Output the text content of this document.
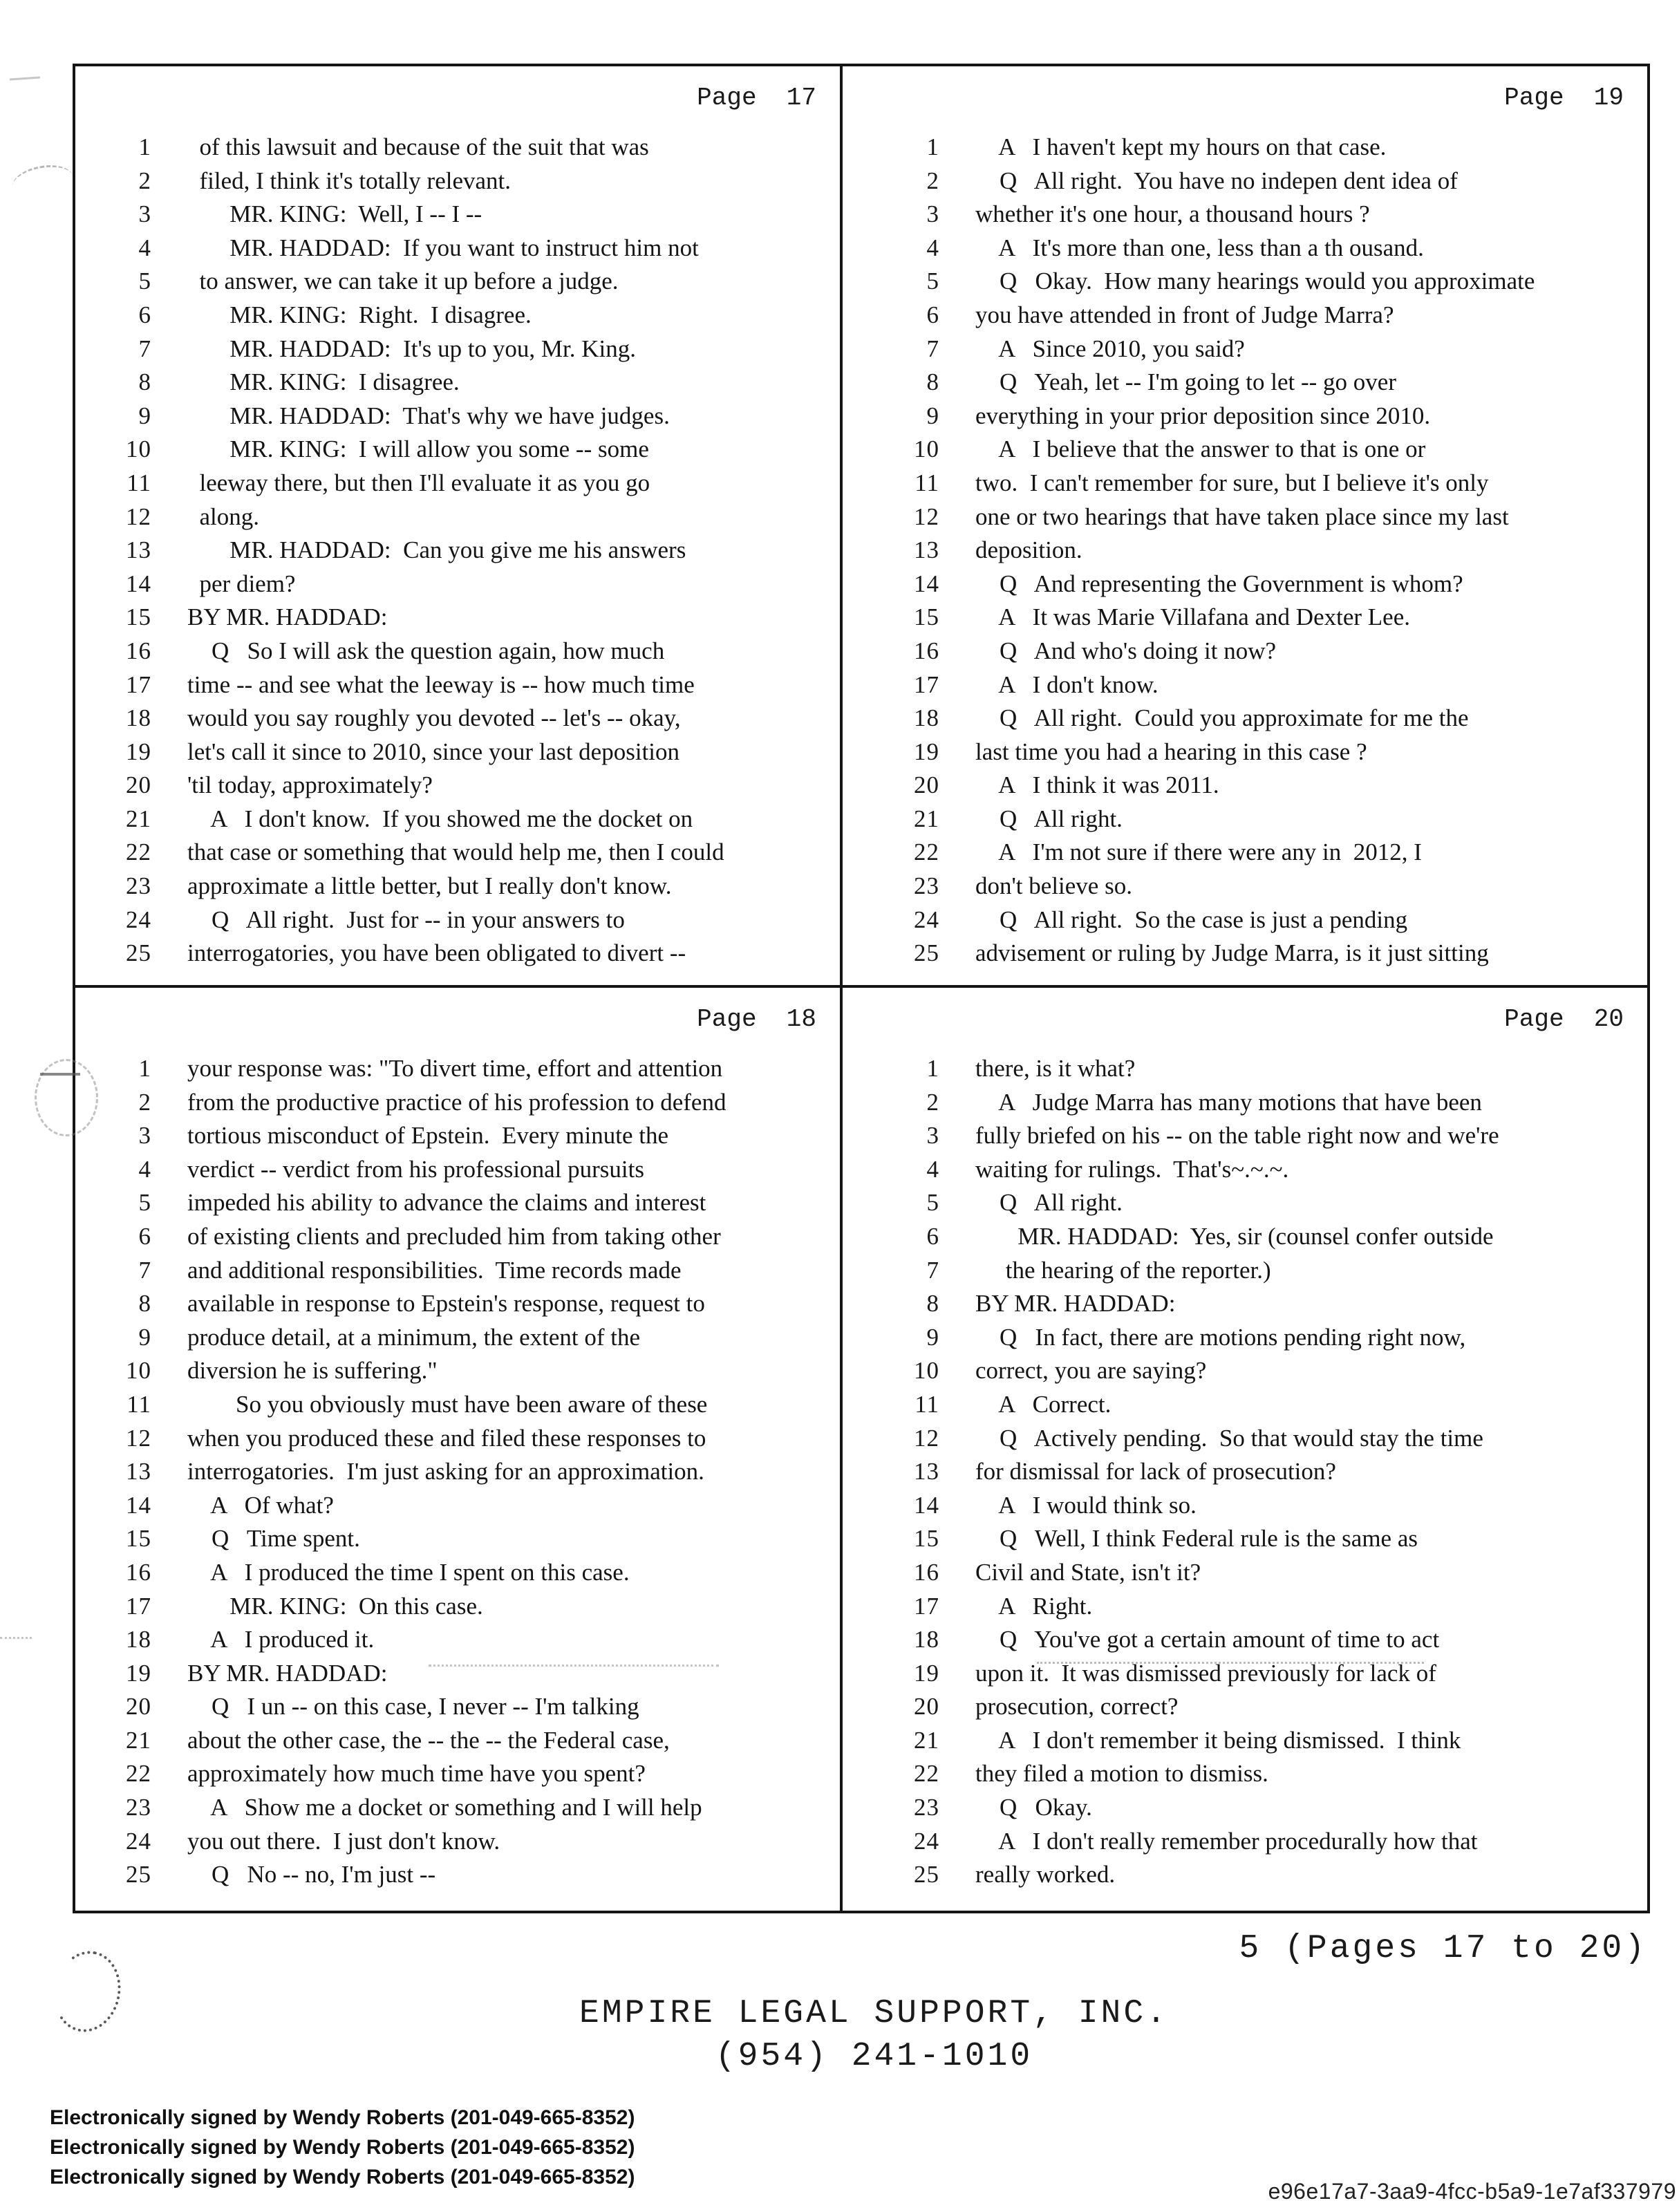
Page  17
1 of this lawsuit and because of the suit that was
2 filed, I think it's totally relevant.
3 MR. KING:  Well, I -- I --
4 MR. HADDAD:  If you want to instruct him not
5 to answer, we can take it up before a judge.
6 MR. KING:  Right.  I disagree.
7 MR. HADDAD:  It's up to you, Mr. King.
8 MR. KING:  I disagree.
9 MR. HADDAD:  That's why we have judges.
10 MR. KING:  I will allow you some -- some
11 leeway there, but then I'll evaluate it as you go
12 along.
13 MR. HADDAD:  Can you give me his answers
14 per diem?
15 BY MR. HADDAD:
16 Q   So I will ask the question again, how much
17 time -- and see what the leeway is -- how much time
18 would you say roughly you devoted -- let's -- okay,
19 let's call it since to 2010, since your last deposition
20 'til today, approximately?
21 A   I don't know.  If you showed me the docket on
22 that case or something that would help me, then I could
23 approximate a little better, but I really don't know.
24 Q   All right.  Just for -- in your answers to
25 interrogatories, you have been obligated to divert --
Page  19
1 A   I haven't kept my hours on that case.
2 Q   All right.  You have no indepen dent idea of
3 whether it's one hour, a thousand hours ?
4 A   It's more than one, less than a th ousand.
5 Q   Okay.  How many hearings would you approximate
6 you have attended in front of Judge Marra?
7 A   Since 2010, you said?
8 Q   Yeah, let -- I'm going to let -- go over
9 everything in your prior deposition since 2010.
10 A   I believe that the answer to that is one or
11 two.  I can't remember for sure, but I believe it's only
12 one or two hearings that have taken place since my last
13 deposition.
14 Q   And representing the Government is whom?
15 A   It was Marie Villafana and Dexter Lee.
16 Q   And who's doing it now?
17 A   I don't know.
18 Q   All right.  Could you approximate for me the
19 last time you had a hearing in this case ?
20 A   I think it was 2011.
21 Q   All right.
22 A   I'm not sure if there were any in  2012, I
23 don't believe so.
24 Q   All right.  So the case is just a pending
25 advisement or ruling by Judge Marra, is it just sitting
Page  18
1 your response was: "To divert time, effort and attention
2 from the productive practice of his profession to defend
3 tortious misconduct of Epstein.  Every minute the
4 verdict -- verdict from his professional pursuits
5 impeded his ability to advance the claims and interest
6 of existing clients and precluded him from taking other
7 and additional responsibilities.  Time records made
8 available in response to Epstein's response, request to
9 produce detail, at a minimum, the extent of the
10 diversion he is suffering."
11 So you obviously must have been aware of these
12 when you produced these and filed these responses to
13 interrogatories.  I'm just asking for an approximation.
14 A   Of what?
15 Q   Time spent.
16 A   I produced the time I spent on this case.
17 MR. KING:  On this case.
18 A   I produced it.
19 BY MR. HADDAD:
20 Q   I un -- on this case, I never -- I'm talking
21 about the other case, the -- the -- the Federal case,
22 approximately how much time have you spent?
23 A   Show me a docket or something and I will help
24 you out there.  I just don't know.
25 Q   No -- no, I'm just --
Page  20
1 there, is it what?
2 A   Judge Marra has many motions that have been
3 fully briefed on his -- on the table right now and we're
4 waiting for rulings.  That's~.~.~.
5 Q   All right.
6 MR. HADDAD:  Yes, sir (counsel confer outside
7 the hearing of the reporter.)
8 BY MR. HADDAD:
9 Q   In fact, there are motions pending right now,
10 correct, you are saying?
11 A   Correct.
12 Q   Actively pending.  So that would stay the time
13 for dismissal for lack of prosecution?
14 A   I would think so.
15 Q   Well, I think Federal rule is the same as
16 Civil and State, isn't it?
17 A   Right.
18 Q   You've got a certain amount of time to act
19 upon it.  It was dismissed previously for lack of
20 prosecution, correct?
21 A   I don't remember it being dismissed.  I think
22 they filed a motion to dismiss.
23 Q   Okay.
24 A   I don't really remember procedurally how that
25 really worked.
5 (Pages 17 to 20)
EMPIRE LEGAL SUPPORT, INC.
(954) 241-1010
Electronically signed by Wendy Roberts (201-049-665-8352)
Electronically signed by Wendy Roberts (201-049-665-8352)
Electronically signed by Wendy Roberts (201-049-665-8352)
e96e17a7-3aa9-4fcc-b5a9-1e7af337979
